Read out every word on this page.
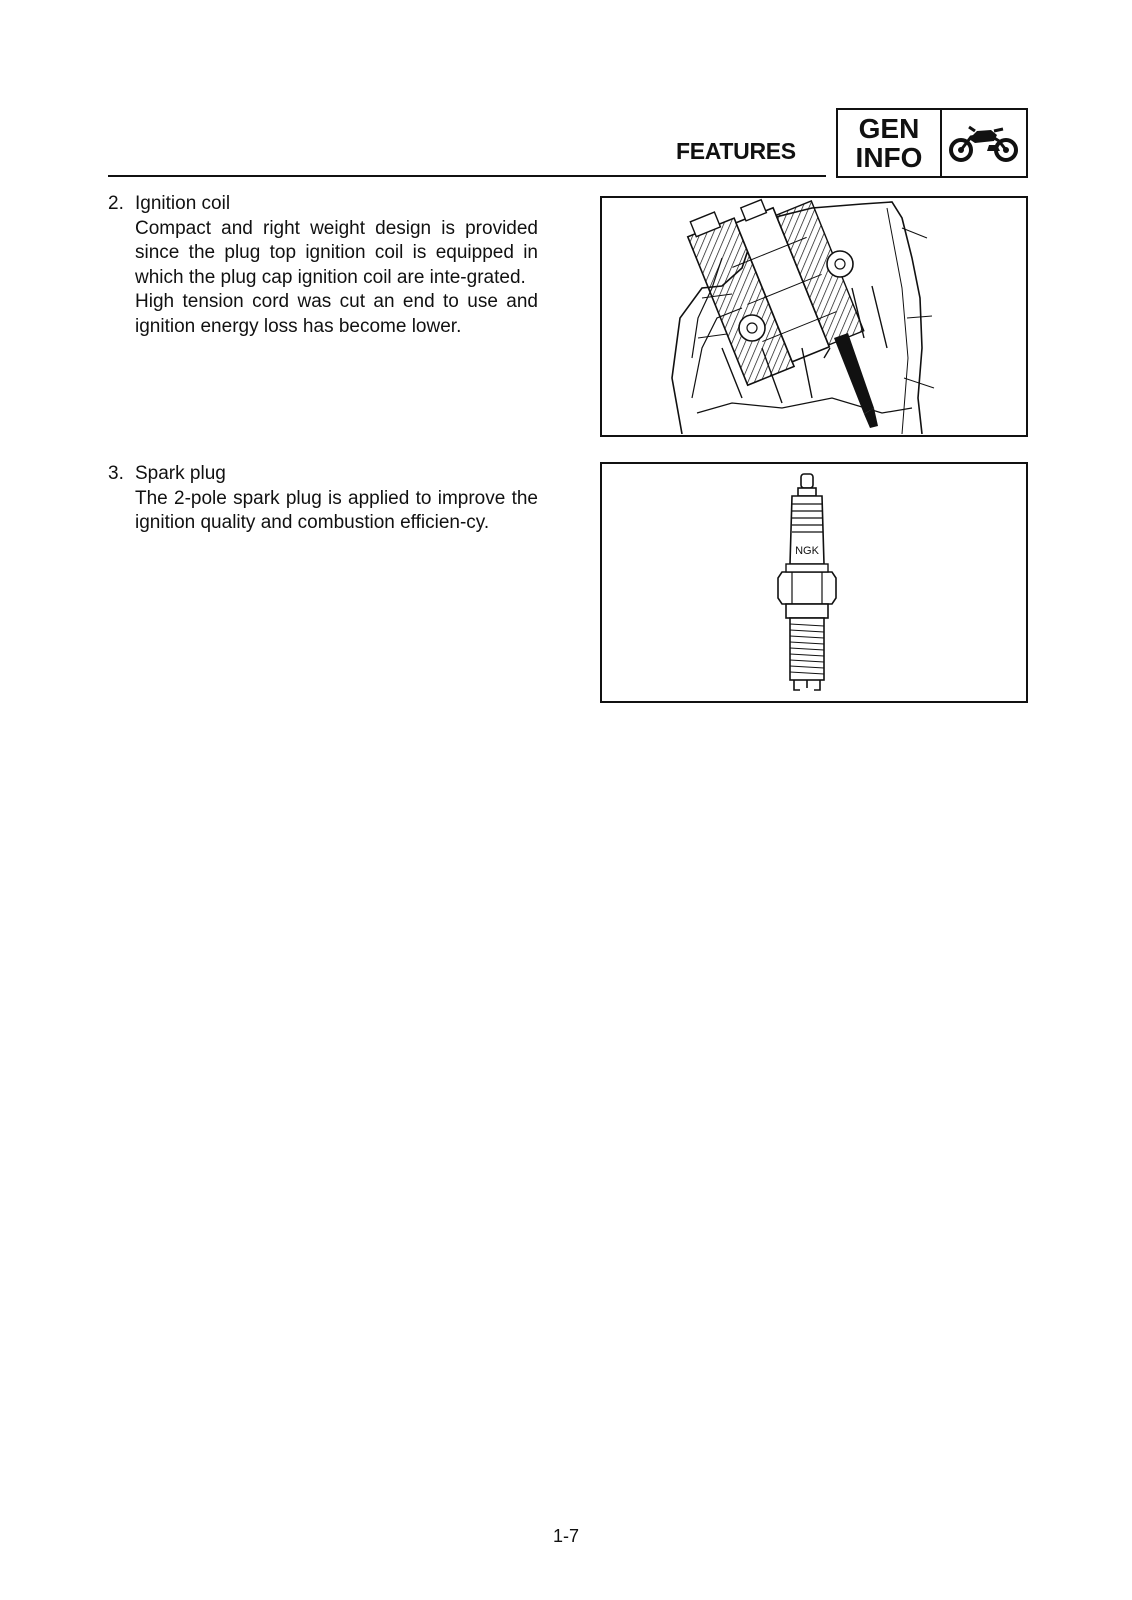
FEATURES
GEN
INFO
2. Ignition coil

Compact and right weight design is provided since the plug top ignition coil is equipped in which the plug cap ignition coil are inte-grated.

High tension cord was cut an end to use and ignition energy loss has become lower.

3. Spark plug

The 2-pole spark plug is applied to improve the ignition quality and combustion efficien-cy.

NGK
1-7
